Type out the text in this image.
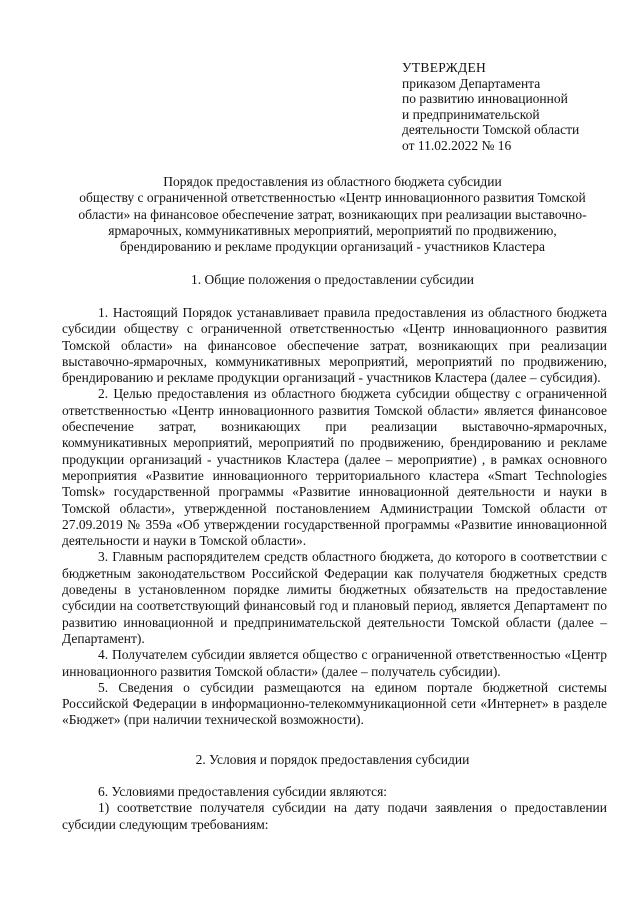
УТВЕРЖДЕН
приказом Департамента
по развитию инновационной
и предпринимательской
деятельности Томской области
от 11.02.2022 № 16
Порядок предоставления из областного бюджета субсидии
обществу с ограниченной ответственностью «Центр инновационного развития Томской
области» на финансовое обеспечение затрат, возникающих при реализации выставочно-
ярмарочных, коммуникативных мероприятий, мероприятий по продвижению,
брендированию и рекламе продукции организаций - участников Кластера
1. Общие положения о предоставлении субсидии

1. Настоящий Порядок устанавливает правила предоставления из областного бюджета субсидии обществу с ограниченной ответственностью «Центр инновационного развития Томской области» на финансовое обеспечение затрат, возникающих при реализации выставочно-ярмарочных, коммуникативных мероприятий, мероприятий по продвижению, брендированию и рекламе продукции организаций - участников Кластера (далее – субсидия).

2. Целью предоставления из областного бюджета субсидии обществу с ограниченной ответственностью «Центр инновационного развития Томской области» является финансовое обеспечение затрат, возникающих при реализации выставочно-ярмарочных, коммуникативных мероприятий, мероприятий по продвижению, брендированию и рекламе продукции организаций - участников Кластера (далее – мероприятие) , в рамках основного мероприятия «Развитие инновационного территориального кластера «Smart Technologies Tomsk» государственной программы «Развитие инновационной деятельности и науки в Томской области», утвержденной постановлением Администрации Томской области от 27.09.2019 № 359а «Об утверждении государственной программы «Развитие инновационной деятельности и науки в Томской области».

3. Главным распорядителем средств областного бюджета, до которого в соответствии с бюджетным законодательством Российской Федерации как получателя бюджетных средств доведены в установленном порядке лимиты бюджетных обязательств на предоставление субсидии на соответствующий финансовый год и плановый период, является Департамент по развитию инновационной и предпринимательской деятельности Томской области (далее – Департамент).

4. Получателем субсидии является общество с ограниченной ответственностью «Центр инновационного развития Томской области» (далее – получатель субсидии).

5. Сведения о субсидии размещаются на едином портале бюджетной системы Российской Федерации в информационно-телекоммуникационной сети «Интернет» в разделе «Бюджет» (при наличии технической возможности).

2. Условия и порядок предоставления субсидии

6. Условиями предоставления субсидии являются:

1) соответствие получателя субсидии на дату подачи заявления о предоставлении субсидии следующим требованиям:
